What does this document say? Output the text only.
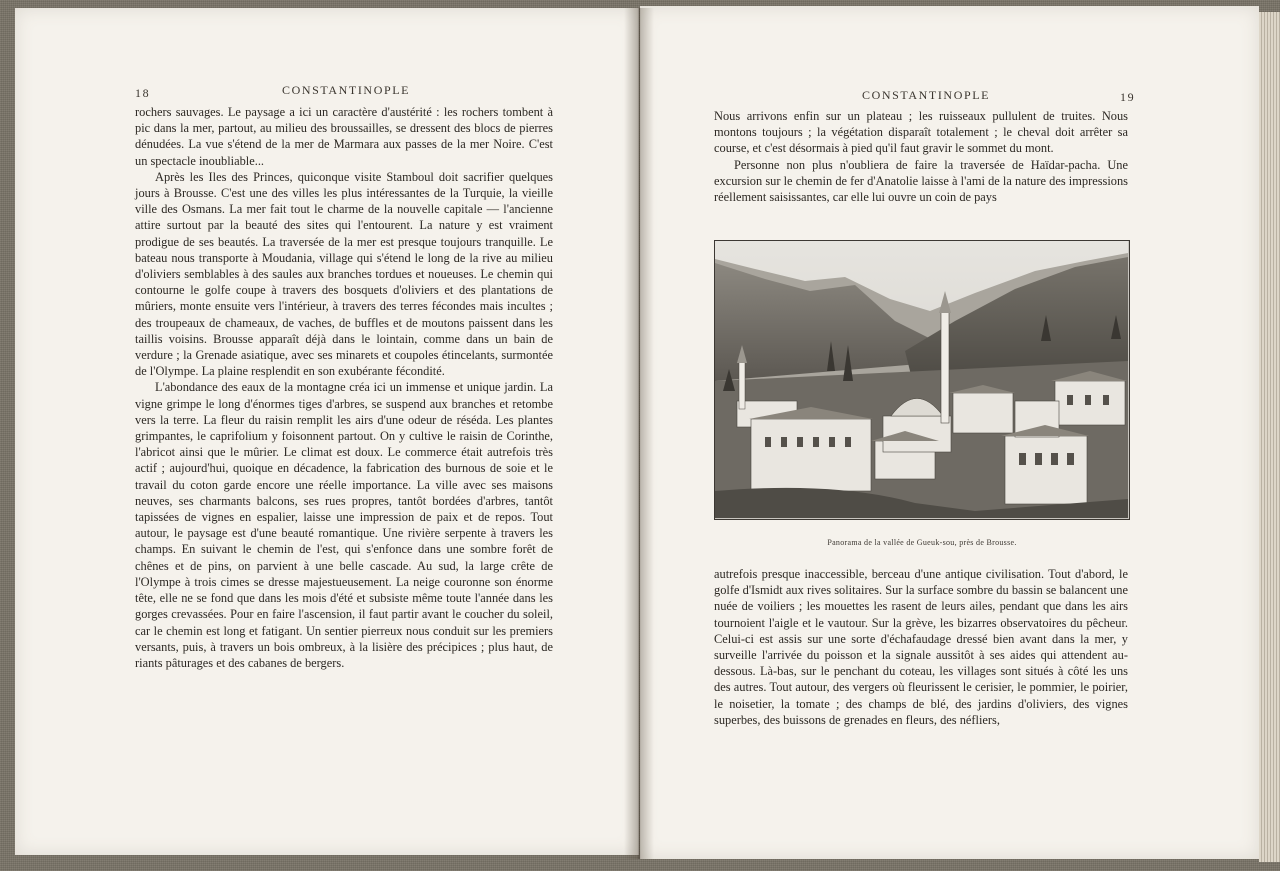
18	CONSTANTINOPLE

rochers sauvages. Le paysage a ici un caractère d'austérité : les rochers tombent à pic dans la mer, partout, au milieu des broussailles, se dressent des blocs de pierres dénudées. La vue s'étend de la mer de Marmara aux passes de la mer Noire. C'est un spectacle inoubliable...

Après les Iles des Princes, quiconque visite Stamboul doit sacrifier quelques jours à Brousse. C'est une des villes les plus intéressantes de la Turquie, la vieille ville des Osmans. La mer fait tout le charme de la nouvelle capitale — l'ancienne attire surtout par la beauté des sites qui l'entourent. La nature y est vraiment prodigue de ses beautés. La traversée de la mer est presque toujours tranquille. Le bateau nous transporte à Moudania, village qui s'étend le long de la rive au milieu d'oliviers semblables à des saules aux branches tordues et noueuses. Le chemin qui contourne le golfe coupe à travers des bosquets d'oliviers et des plantations de mûriers, monte ensuite vers l'intérieur, à travers des terres fécondes mais incultes ; des troupeaux de chameaux, de vaches, de buffles et de moutons paissent dans les taillis voisins. Brousse apparaît déjà dans le lointain, comme dans un bain de verdure ; la Grenade asiatique, avec ses minarets et coupoles étincelants, surmontée de l'Olympe. La plaine resplendit en son exubérante fécondité.

L'abondance des eaux de la montagne créa ici un immense et unique jardin. La vigne grimpe le long d'énormes tiges d'arbres, se suspend aux branches et retombe vers la terre. La fleur du raisin remplit les airs d'une odeur de réséda. Les plantes grimpantes, le caprifolium y foisonnent partout. On y cultive le raisin de Corinthe, l'abricot ainsi que le mûrier. Le climat est doux. Le commerce était autrefois très actif ; aujourd'hui, quoique en décadence, la fabrication des burnous de soie et le travail du coton garde encore une réelle importance. La ville avec ses maisons neuves, ses charmants balcons, ses rues propres, tantôt bordées d'arbres, tantôt tapissées de vignes en espalier, laisse une impression de paix et de repos. Tout autour, le paysage est d'une beauté romantique. Une rivière serpente à travers les champs. En suivant le chemin de l'est, qui s'enfonce dans une sombre forêt de chênes et de pins, on parvient à une belle cascade. Au sud, la large crête de l'Olympe à trois cimes se dresse majestueusement. La neige couronne son énorme tête, elle ne se fond que dans les mois d'été et subsiste même toute l'année dans les gorges crevassées. Pour en faire l'ascension, il faut partir avant le coucher du soleil, car le chemin est long et fatigant. Un sentier pierreux nous conduit sur les premiers versants, puis, à travers un bois ombreux, à la lisière des précipices ; plus haut, de riants pâturages et des cabanes de bergers.

CONSTANTINOPLE	19

Nous arrivons enfin sur un plateau ; les ruisseaux pullulent de truites. Nous montons toujours ; la végétation disparaît totalement ; le cheval doit arrêter sa course, et c'est désormais à pied qu'il faut gravir le sommet du mont.

Personne non plus n'oubliera de faire la traversée de Haïdar-pacha. Une excursion sur le chemin de fer d'Anatolie laisse à l'ami de la nature des impressions réellement saisissantes, car elle lui ouvre un coin de pays

Panorama de la vallée de Gueuk-sou, près de Brousse.

autrefois presque inaccessible, berceau d'une antique civilisation. Tout d'abord, le golfe d'Ismidt aux rives solitaires. Sur la surface sombre du bassin se balancent une nuée de voiliers ; les mouettes les rasent de leurs ailes, pendant que dans les airs tournoient l'aigle et le vautour. Sur la grève, les bizarres observatoires du pêcheur. Celui-ci est assis sur une sorte d'échafaudage dressé bien avant dans la mer, y surveille l'arrivée du poisson et la signale aussitôt à ses aides qui attendent au-dessous. Là-bas, sur le penchant du coteau, les villages sont situés à côté les uns des autres. Tout autour, des vergers où fleurissent le cerisier, le pommier, le poirier, le noisetier, la tomate ; des champs de blé, des jardins d'oliviers, des vignes superbes, des buissons de grenades en fleurs, des néfliers,
